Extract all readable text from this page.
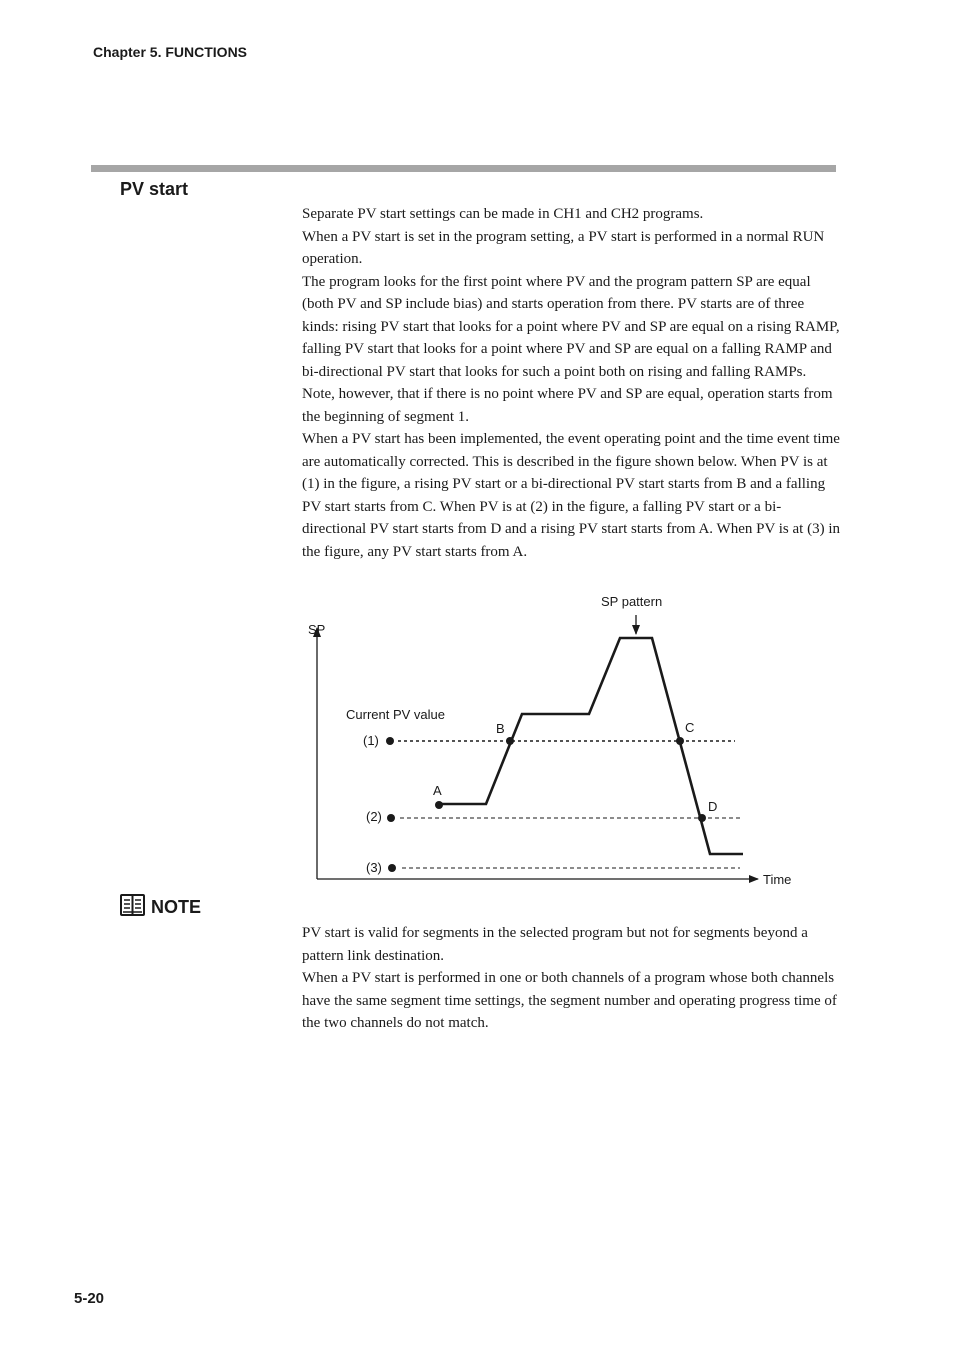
Chapter 5. FUNCTIONS
PV start

Separate PV start settings can be made in CH1 and CH2 programs.

When a PV start is set in the program setting, a PV start is performed in a normal RUN operation.

The program looks for the first point where PV and the program pattern SP are equal (both PV and SP include bias) and starts operation from there. PV starts are of three kinds: rising PV start that looks for a point where PV and SP are equal on a rising RAMP, falling PV start that looks for a point where PV and SP are equal on a falling RAMP and bi-directional PV start that looks for such a point both on rising and falling RAMPs.

Note, however, that if there is no point where PV and SP are equal, operation starts from the beginning of segment 1.

When a PV start has been implemented, the event operating point and the time event time are automatically corrected. This is described in the figure shown below. When PV is at (1) in the figure, a rising PV start or a bi-directional PV start starts from B and a falling PV start starts from C. When PV is at (2) in the figure, a falling PV start or a bi-directional PV start starts from D and a rising PV start starts from A. When PV is at (3) in the figure, any PV start starts from A.

SP
Time
SP pattern
Current PV value
(1)
(2)
(3)
A
B	C
D
NOTE

PV start is valid for segments in the selected program but not for segments beyond a pattern link destination.

When a PV start is performed in one or both channels of a program whose both channels have the same segment time settings, the segment number and operating progress time of the two channels do not match.

5-20
